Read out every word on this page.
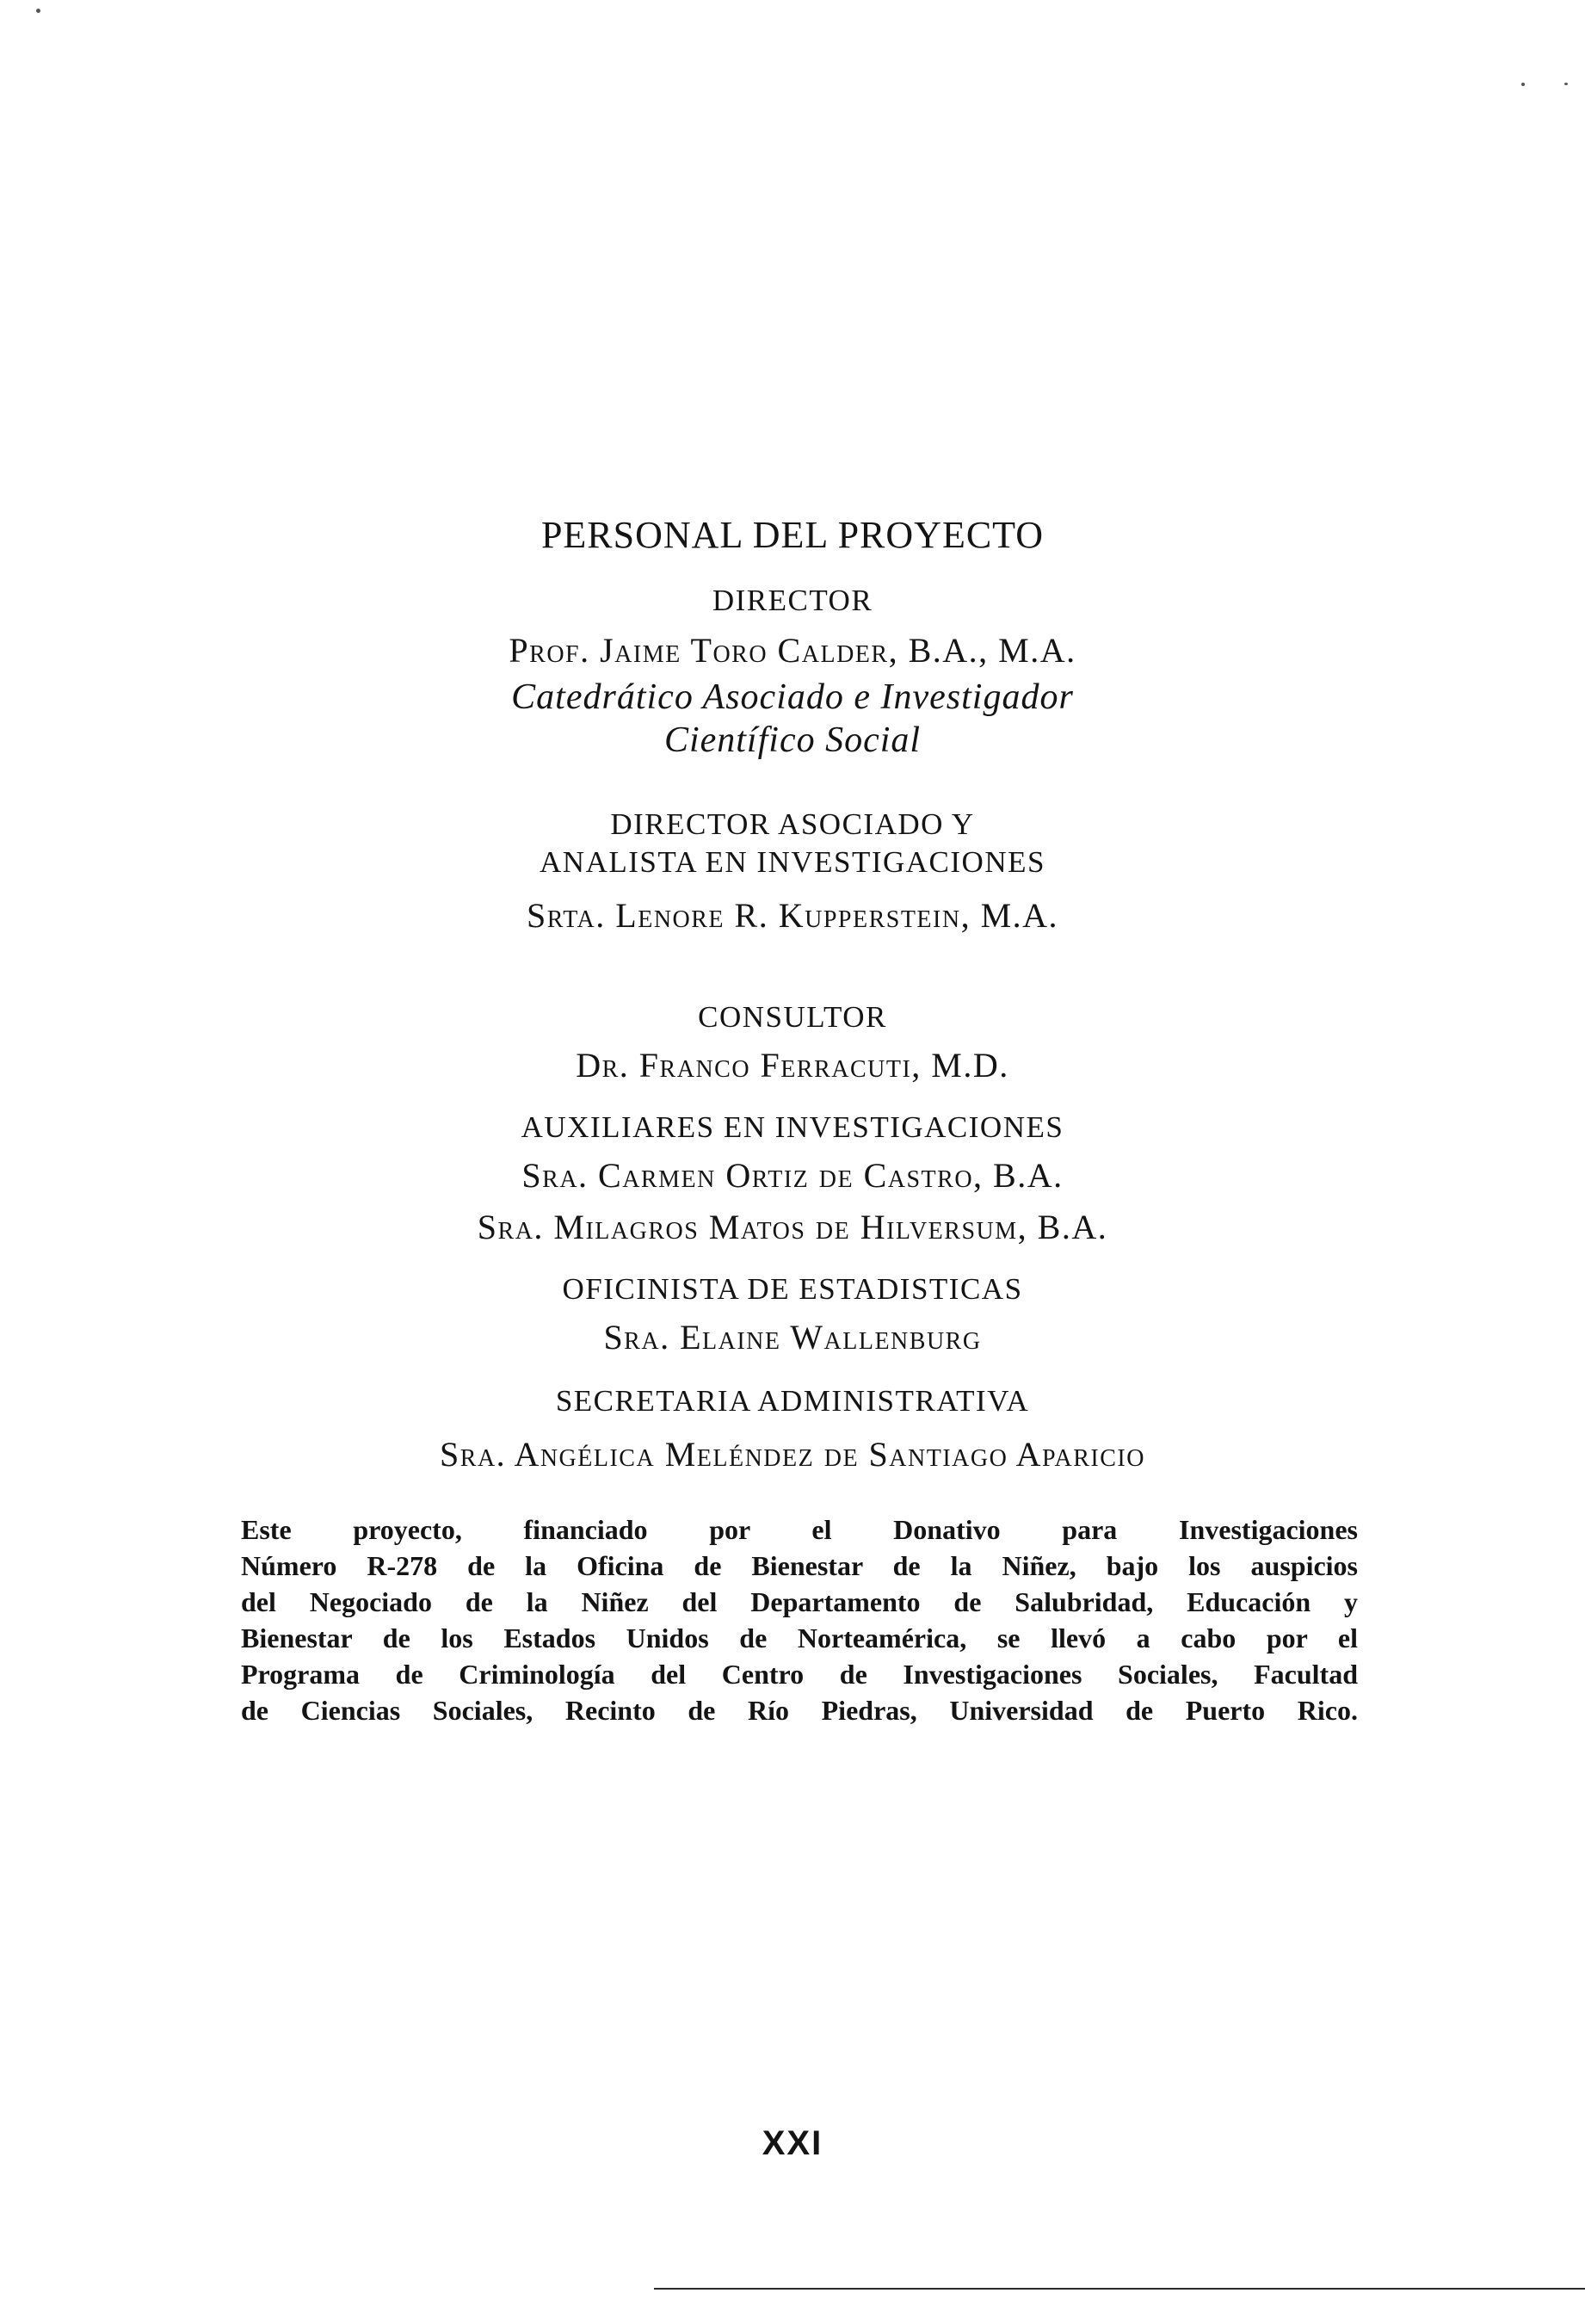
PERSONAL DEL PROYECTO
DIRECTOR
Prof. Jaime Toro Calder, B.A., M.A.
Catedrático Asociado e Investigador
Científico Social
DIRECTOR ASOCIADO Y
ANALISTA EN INVESTIGACIONES
Srta. Lenore R. Kupperstein, M.A.
CONSULTOR
Dr. Franco Ferracuti, M.D.
AUXILIARES EN INVESTIGACIONES
Sra. Carmen Ortiz de Castro, B.A.
Sra. Milagros Matos de Hilversum, B.A.
OFICINISTA DE ESTADISTICAS
Sra. Elaine Wallenburg
SECRETARIA ADMINISTRATIVA
Sra. Angélica Meléndez de Santiago Aparicio
Este proyecto, financiado por el Donativo para Investigaciones
Número R-278 de la Oficina de Bienestar de la Niñez, bajo los auspicios
del Negociado de la Niñez del Departamento de Salubridad, Educación y
Bienestar de los Estados Unidos de Norteamérica, se llevó a cabo por el
Programa de Criminología del Centro de Investigaciones Sociales, Facultad
de Ciencias Sociales, Recinto de Río Piedras, Universidad de Puerto Rico.
XXI
